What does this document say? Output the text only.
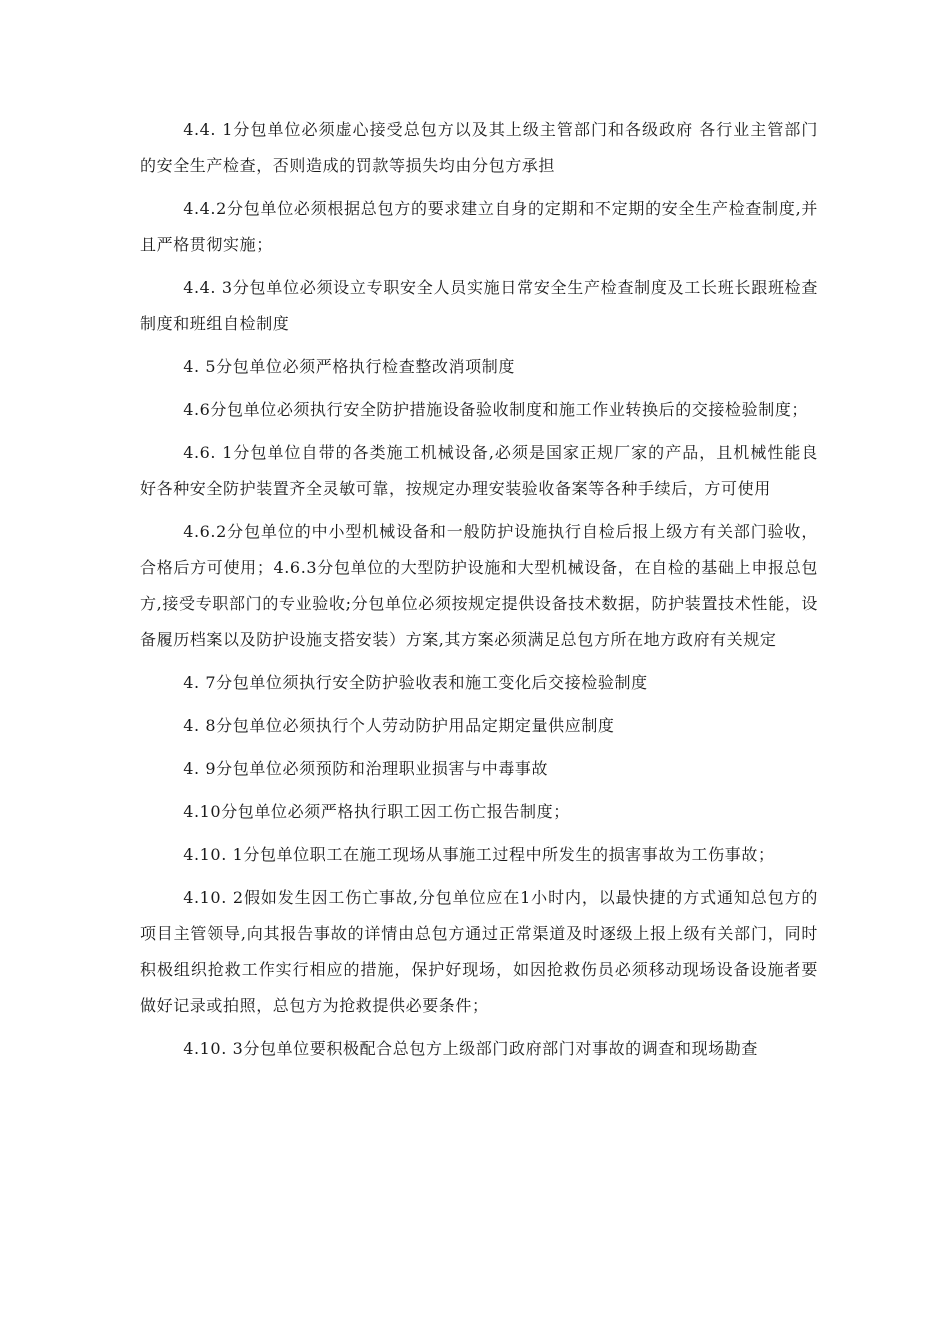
4.4. 1分包单位必须虚心接受总包方以及其上级主管部门和各级政府 各行业主管部门的安全生产检查，否则造成的罚款等损失均由分包方承担

4.4.2分包单位必须根据总包方的要求建立自身的定期和不定期的安全生产检查制度,并且严格贯彻实施；

4.4. 3分包单位必须设立专职安全人员实施日常安全生产检查制度及工长班长跟班检查制度和班组自检制度

4. 5分包单位必须严格执行检查整改消项制度

4.6分包单位必须执行安全防护措施设备验收制度和施工作业转换后的交接检验制度；

4.6. 1分包单位自带的各类施工机械设备,必须是国家正规厂家的产品，且机械性能良好各种安全防护装置齐全灵敏可靠，按规定办理安装验收备案等各种手续后，方可使用

4.6.2分包单位的中小型机械设备和一般防护设施执行自检后报上级方有关部门验收，合格后方可使用；4.6.3分包单位的大型防护设施和大型机械设备，在自检的基础上申报总包方,接受专职部门的专业验收;分包单位必须按规定提供设备技术数据，防护装置技术性能，设备履历档案以及防护设施支搭安装）方案,其方案必须满足总包方所在地方政府有关规定

4. 7分包单位须执行安全防护验收表和施工变化后交接检验制度

4. 8分包单位必须执行个人劳动防护用品定期定量供应制度

4. 9分包单位必须预防和治理职业损害与中毒事故

4.10分包单位必须严格执行职工因工伤亡报告制度；

4.10. 1分包单位职工在施工现场从事施工过程中所发生的损害事故为工伤事故；

4.10. 2假如发生因工伤亡事故,分包单位应在1小时内，以最快捷的方式通知总包方的项目主管领导,向其报告事故的详情由总包方通过正常渠道及时逐级上报上级有关部门，同时积极组织抢救工作实行相应的措施，保护好现场，如因抢救伤员必须移动现场设备设施者要做好记录或拍照，总包方为抢救提供必要条件；

4.10. 3分包单位要积极配合总包方上级部门政府部门对事故的调查和现场勘查
